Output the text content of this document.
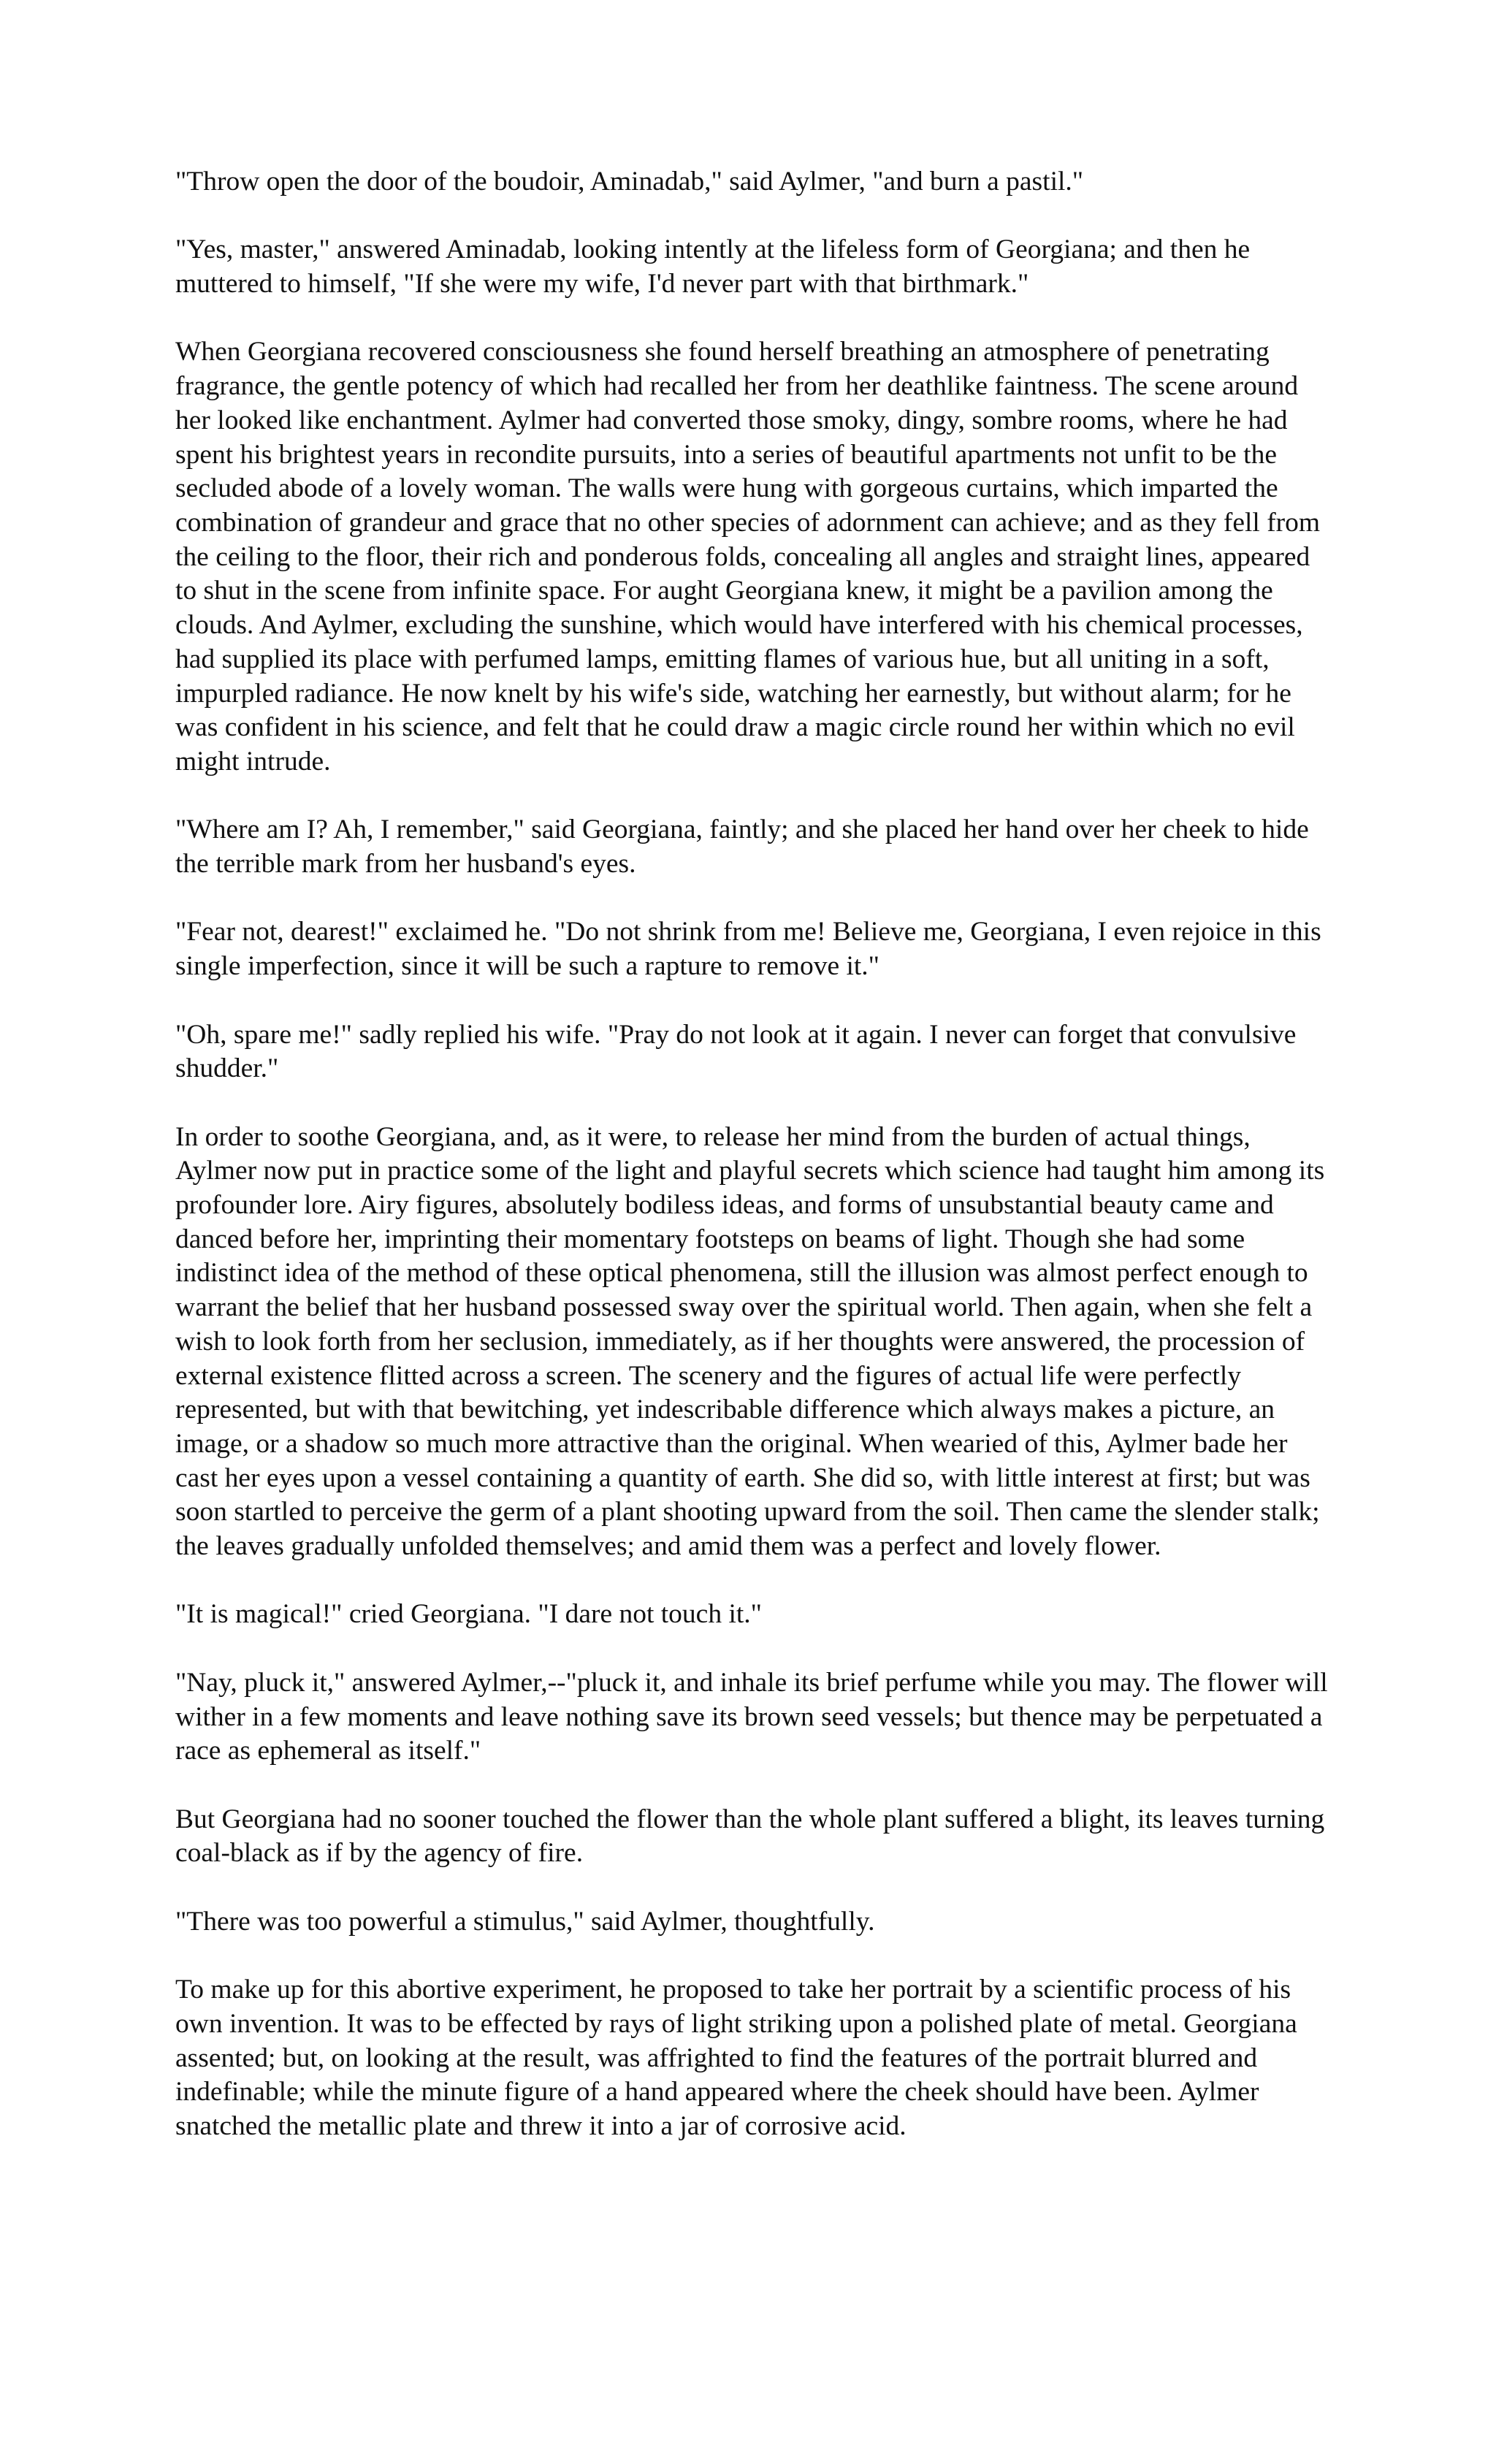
"Throw open the door of the boudoir, Aminadab," said Aylmer, "and burn a pastil."

"Yes, master," answered Aminadab, looking intently at the lifeless form of Georgiana; and then he muttered to himself, "If she were my wife, I'd never part with that birthmark."

When Georgiana recovered consciousness she found herself breathing an atmosphere of penetrating fragrance, the gentle potency of which had recalled her from her deathlike faintness. The scene around her looked like enchantment. Aylmer had converted those smoky, dingy, sombre rooms, where he had spent his brightest years in recondite pursuits, into a series of beautiful apartments not unfit to be the secluded abode of a lovely woman. The walls were hung with gorgeous curtains, which imparted the combination of grandeur and grace that no other species of adornment can achieve; and as they fell from the ceiling to the floor, their rich and ponderous folds, concealing all angles and straight lines, appeared to shut in the scene from infinite space. For aught Georgiana knew, it might be a pavilion among the clouds. And Aylmer, excluding the sunshine, which would have interfered with his chemical processes, had supplied its place with perfumed lamps, emitting flames of various hue, but all uniting in a soft, impurpled radiance. He now knelt by his wife's side, watching her earnestly, but without alarm; for he was confident in his science, and felt that he could draw a magic circle round her within which no evil might intrude.

"Where am I? Ah, I remember," said Georgiana, faintly; and she placed her hand over her cheek to hide the terrible mark from her husband's eyes.

"Fear not, dearest!" exclaimed he. "Do not shrink from me! Believe me, Georgiana, I even rejoice in this single imperfection, since it will be such a rapture to remove it."

"Oh, spare me!" sadly replied his wife. "Pray do not look at it again. I never can forget that convulsive shudder."

In order to soothe Georgiana, and, as it were, to release her mind from the burden of actual things, Aylmer now put in practice some of the light and playful secrets which science had taught him among its profounder lore. Airy figures, absolutely bodiless ideas, and forms of unsubstantial beauty came and danced before her, imprinting their momentary footsteps on beams of light. Though she had some indistinct idea of the method of these optical phenomena, still the illusion was almost perfect enough to warrant the belief that her husband possessed sway over the spiritual world. Then again, when she felt a wish to look forth from her seclusion, immediately, as if her thoughts were answered, the procession of external existence flitted across a screen. The scenery and the figures of actual life were perfectly represented, but with that bewitching, yet indescribable difference which always makes a picture, an image, or a shadow so much more attractive than the original. When wearied of this, Aylmer bade her cast her eyes upon a vessel containing a quantity of earth. She did so, with little interest at first; but was soon startled to perceive the germ of a plant shooting upward from the soil. Then came the slender stalk; the leaves gradually unfolded themselves; and amid them was a perfect and lovely flower.

"It is magical!" cried Georgiana. "I dare not touch it."

"Nay, pluck it," answered Aylmer,--"pluck it, and inhale its brief perfume while you may. The flower will wither in a few moments and leave nothing save its brown seed vessels; but thence may be perpetuated a race as ephemeral as itself."

But Georgiana had no sooner touched the flower than the whole plant suffered a blight, its leaves turning coal-black as if by the agency of fire.

"There was too powerful a stimulus," said Aylmer, thoughtfully.

To make up for this abortive experiment, he proposed to take her portrait by a scientific process of his own invention. It was to be effected by rays of light striking upon a polished plate of metal. Georgiana assented; but, on looking at the result, was affrighted to find the features of the portrait blurred and indefinable; while the minute figure of a hand appeared where the cheek should have been. Aylmer snatched the metallic plate and threw it into a jar of corrosive acid.
